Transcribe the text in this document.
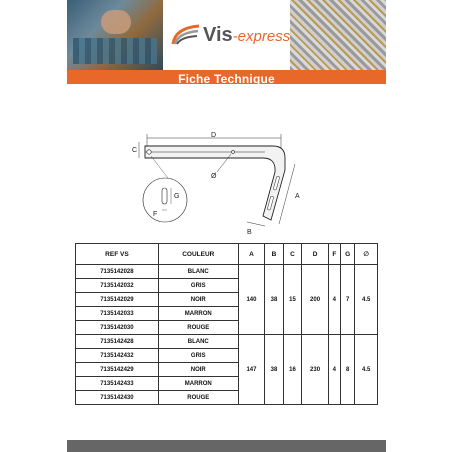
Vis-express
Fiche Technique
D
C
Ø
A
B
G
F
REF VS	COULEUR	A	B	C	D	F	G	∅
7135142028	BLANC	140	38	15	200	4	7	4.5
7135142032	GRIS							
7135142029	NOIR							
7135142033	MARRON							
7135142030	ROUGE							
7135142428	BLANC	147	38	16	230	4	8	4.5
7135142432	GRIS							
7135142429	NOIR							
7135142433	MARRON							
7135142430	ROUGE							
